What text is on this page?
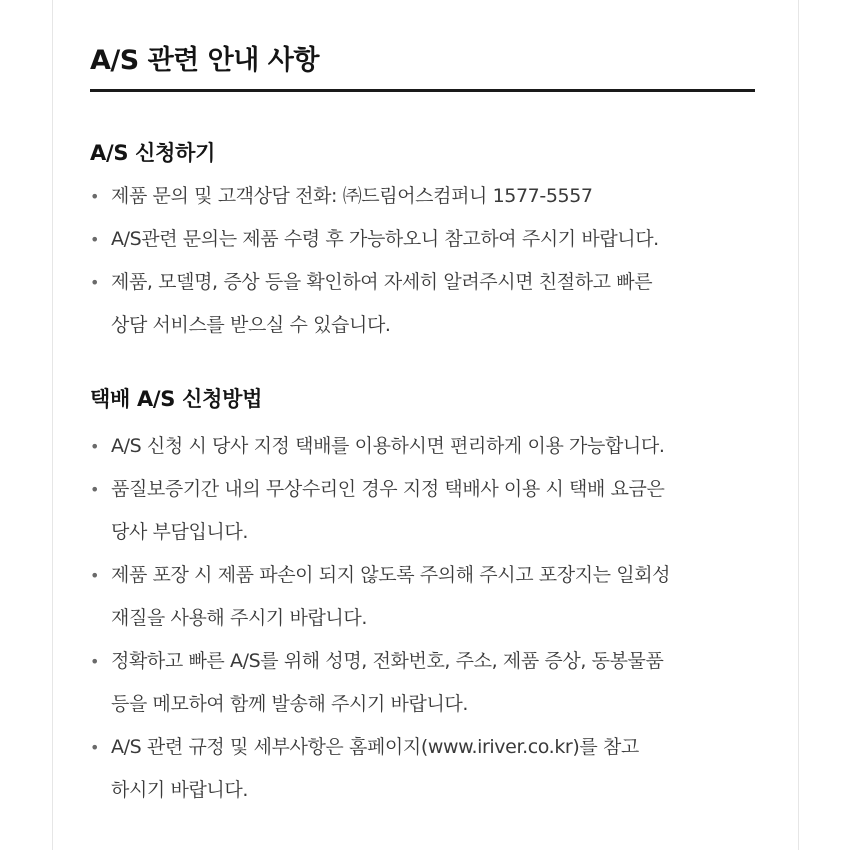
A/S 관련 안내 사항
A/S 신청하기
• 제품 문의 및 고객상담 전화: ㈜드림어스컴퍼니 1577-5557
• A/S관련 문의는 제품 수령 후 가능하오니 참고하여 주시기 바랍니다.
• 제품, 모델명, 증상 등을 확인하여 자세히 알려주시면 친절하고 빠른
상담 서비스를 받으실 수 있습니다.
택배 A/S 신청방법
• A/S 신청 시 당사 지정 택배를 이용하시면 편리하게 이용 가능합니다.
• 품질보증기간 내의 무상수리인 경우 지정 택배사 이용 시 택배 요금은
당사 부담입니다.
• 제품 포장 시 제품 파손이 되지 않도록 주의해 주시고 포장지는 일회성
재질을 사용해 주시기 바랍니다.
• 정확하고 빠른 A/S를 위해 성명, 전화번호, 주소, 제품 증상, 동봉물품
등을 메모하여 함께 발송해 주시기 바랍니다.
• A/S 관련 규정 및 세부사항은 홈페이지(www.iriver.co.kr)를 참고
하시기 바랍니다.
